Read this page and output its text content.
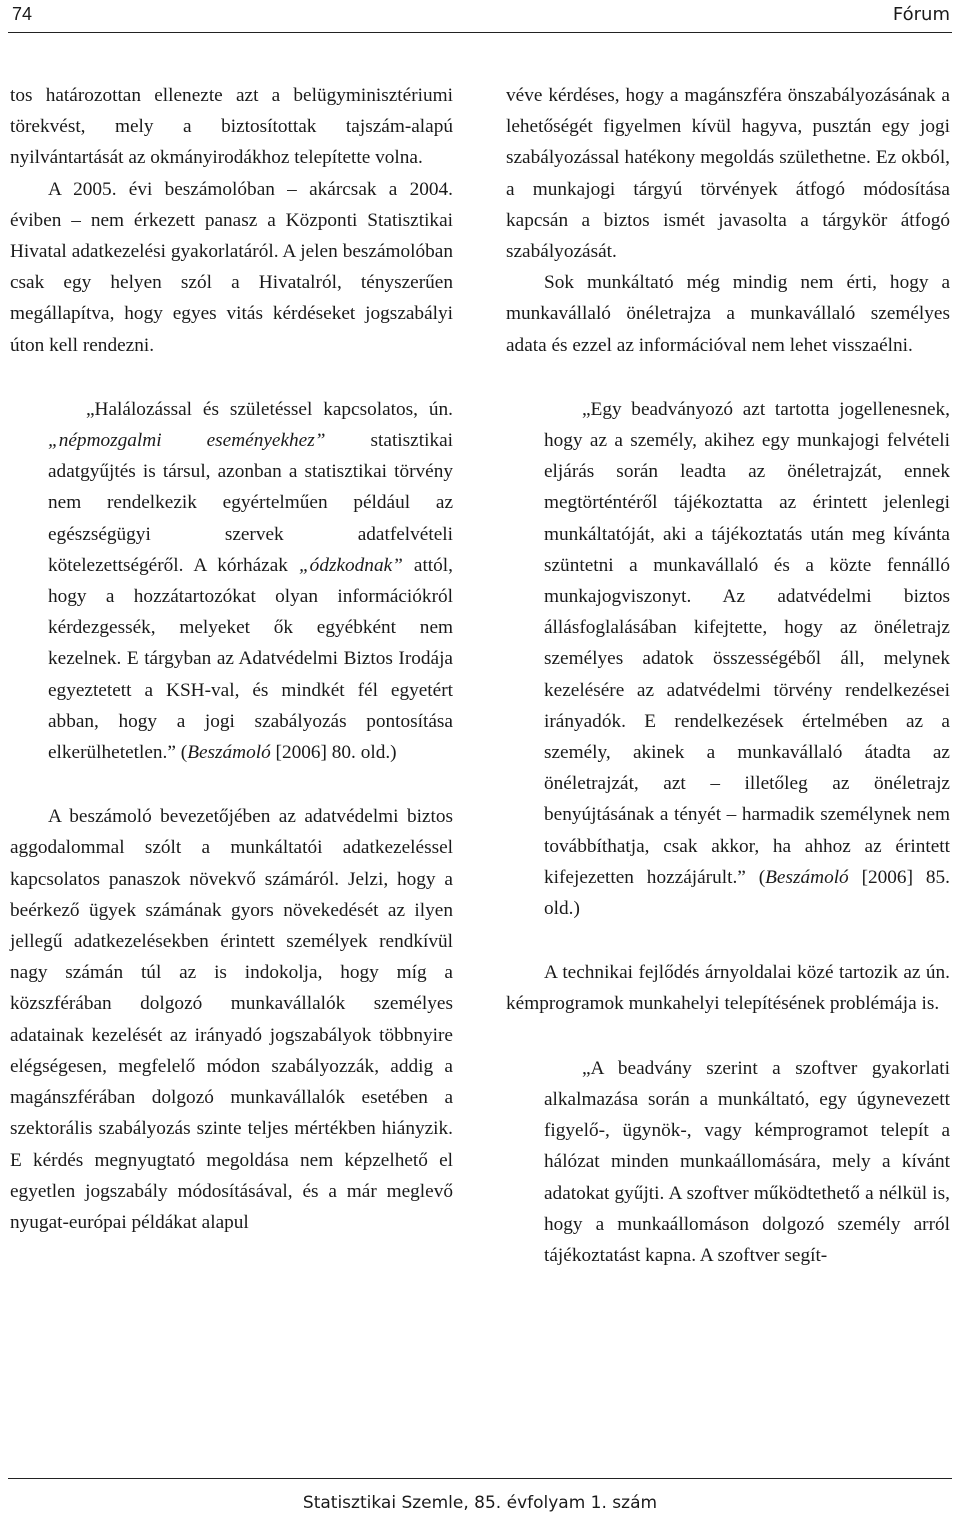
74	Fórum

tos határozottan ellenezte azt a belügyminisztériumi törekvést, mely a biztosítottak tajszám-alapú nyilvántartását az okmányirodákhoz telepítette volna.

A 2005. évi beszámolóban – akárcsak a 2004. éviben – nem érkezett panasz a Központi Statisztikai Hivatal adatkezelési gyakorlatáról. A jelen beszámolóban csak egy helyen szól a Hivatalról, tényszerűen megállapítva, hogy egyes vitás kérdéseket jogszabályi úton kell rendezni.

„Halálozással és születéssel kapcsolatos, ún. „népmozgalmi eseményekhez” statisztikai adatgyűjtés is társul, azonban a statisztikai törvény nem rendelkezik egyértelműen például az egészségügyi szervek adatfelvételi kötelezettségéről. A kórházak „ódzkodnak” attól, hogy a hozzátartozókat olyan információkról kérdezgessék, melyeket ők egyébként nem kezelnek. E tárgyban az Adatvédelmi Biztos Irodája egyeztetett a KSH-val, és mindkét fél egyetért abban, hogy a jogi szabályozás pontosítása elkerülhetetlen.” (Beszámoló [2006] 80. old.)

A beszámoló bevezetőjében az adatvédelmi biztos aggodalommal szólt a munkáltatói adatkezeléssel kapcsolatos panaszok növekvő számáról. Jelzi, hogy a beérkező ügyek számának gyors növekedését az ilyen jellegű adatkezelésekben érintett személyek rendkívül nagy számán túl az is indokolja, hogy míg a közszférában dolgozó munkavállalók személyes adatainak kezelését az irányadó jogszabályok többnyire elégségesen, megfelelő módon szabályozzák, addig a magánszférában dolgozó munkavállalók esetében a szektorális szabályozás szinte teljes mértékben hiányzik. E kérdés megnyugtató megoldása nem képzelhető el egyetlen jogszabály módosításával, és a már meglevő nyugat-európai példákat alapul

véve kérdéses, hogy a magánszféra önszabályozásának a lehetőségét figyelmen kívül hagyva, pusztán egy jogi szabályozással hatékony megoldás születhetne. Ez okból, a munkajogi tárgyú törvények átfogó módosítása kapcsán a biztos ismét javasolta a tárgykör átfogó szabályozását.

Sok munkáltató még mindig nem érti, hogy a munkavállaló önéletrajza a munkavállaló személyes adata és ezzel az információval nem lehet visszaélni.

„Egy beadványozó azt tartotta jogellenesnek, hogy az a személy, akihez egy munkajogi felvételi eljárás során leadta az önéletrajzát, ennek megtörténtéről tájékoztatta az érintett jelenlegi munkáltatóját, aki a tájékoztatás után meg kívánta szüntetni a munkavállaló és a közte fennálló munkajogviszonyt. Az adatvédelmi biztos állásfoglalásában kifejtette, hogy az önéletrajz személyes adatok összességéből áll, melynek kezelésére az adatvédelmi törvény rendelkezései irányadók. E rendelkezések értelmében az a személy, akinek a munkavállaló átadta az önéletrajzát, azt – illetőleg az önéletrajz benyújtásának a tényét – harmadik személynek nem továbbíthatja, csak akkor, ha ahhoz az érintett kifejezetten hozzájárult.” (Beszámoló [2006] 85. old.)

A technikai fejlődés árnyoldalai közé tartozik az ún. kémprogramok munkahelyi telepítésének problémája is.

„A beadvány szerint a szoftver gyakorlati alkalmazása során a munkáltató, egy úgynevezett figyelő-, ügynök-, vagy kémprogramot telepít a hálózat minden munkaállomására, mely a kívánt adatokat gyűjti. A szoftver működtethető a nélkül is, hogy a munkaállomáson dolgozó személy arról tájékoztatást kapna. A szoftver segít-

Statisztikai Szemle, 85. évfolyam 1. szám
